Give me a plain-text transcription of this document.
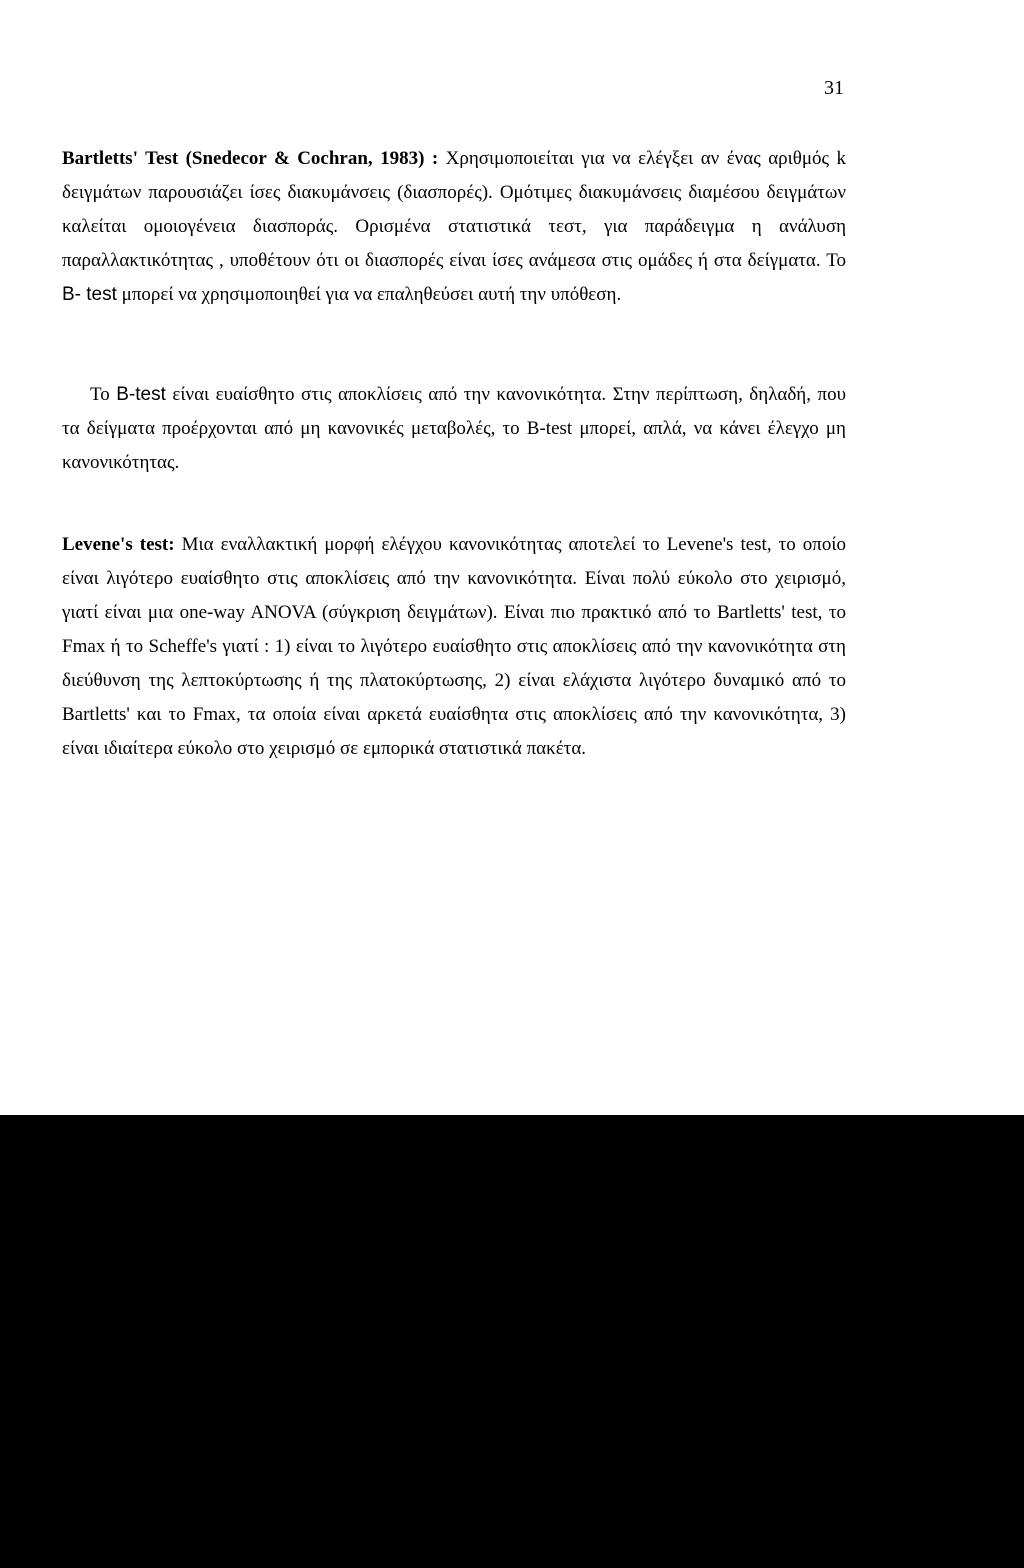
31

Bartletts' Test (Snedecor & Cochran, 1983) : Χρησιμοποιείται για να ελέγξει αν ένας αριθμός k δειγμάτων παρουσιάζει ίσες διακυμάνσεις (διασπορές). Ομότιμες διακυμάνσεις διαμέσου δειγμάτων καλείται ομοιογένεια διασποράς. Ορισμένα στατιστικά τεστ, για παράδειγμα η ανάλυση παραλλακτικότητας , υποθέτουν ότι οι διασπορές είναι ίσες ανάμεσα στις ομάδες ή στα δείγματα. Το Β- test μπορεί να χρησιμοποιηθεί για να επαληθεύσει αυτή την υπόθεση.

Το Β-test είναι ευαίσθητο στις αποκλίσεις από την κανονικότητα. Στην περίπτωση, δηλαδή, που τα δείγματα προέρχονται από μη κανονικές μεταβολές, το Β-test μπορεί, απλά, να κάνει έλεγχο μη κανονικότητας.

Levene's test: Μια εναλλακτική μορφή ελέγχου κανονικότητας αποτελεί το Levene's test, το οποίο είναι λιγότερο ευαίσθητο στις αποκλίσεις από την κανονικότητα. Είναι πολύ εύκολο στο χειρισμό, γιατί είναι μια one-way ANOVA (σύγκριση δειγμάτων). Είναι πιο πρακτικό από το Bartletts' test, το Fmax ή το Scheffe's γιατί : 1) είναι το λιγότερο ευαίσθητο στις αποκλίσεις από την κανονικότητα στη διεύθυνση της λεπτοκύρτωσης ή της πλατοκύρτωσης, 2) είναι ελάχιστα λιγότερο δυναμικό από το Bartletts' και το Fmax, τα οποία είναι αρκετά ευαίσθητα στις αποκλίσεις από την κανονικότητα, 3) είναι ιδιαίτερα εύκολο στο χειρισμό σε εμπορικά στατιστικά πακέτα.
